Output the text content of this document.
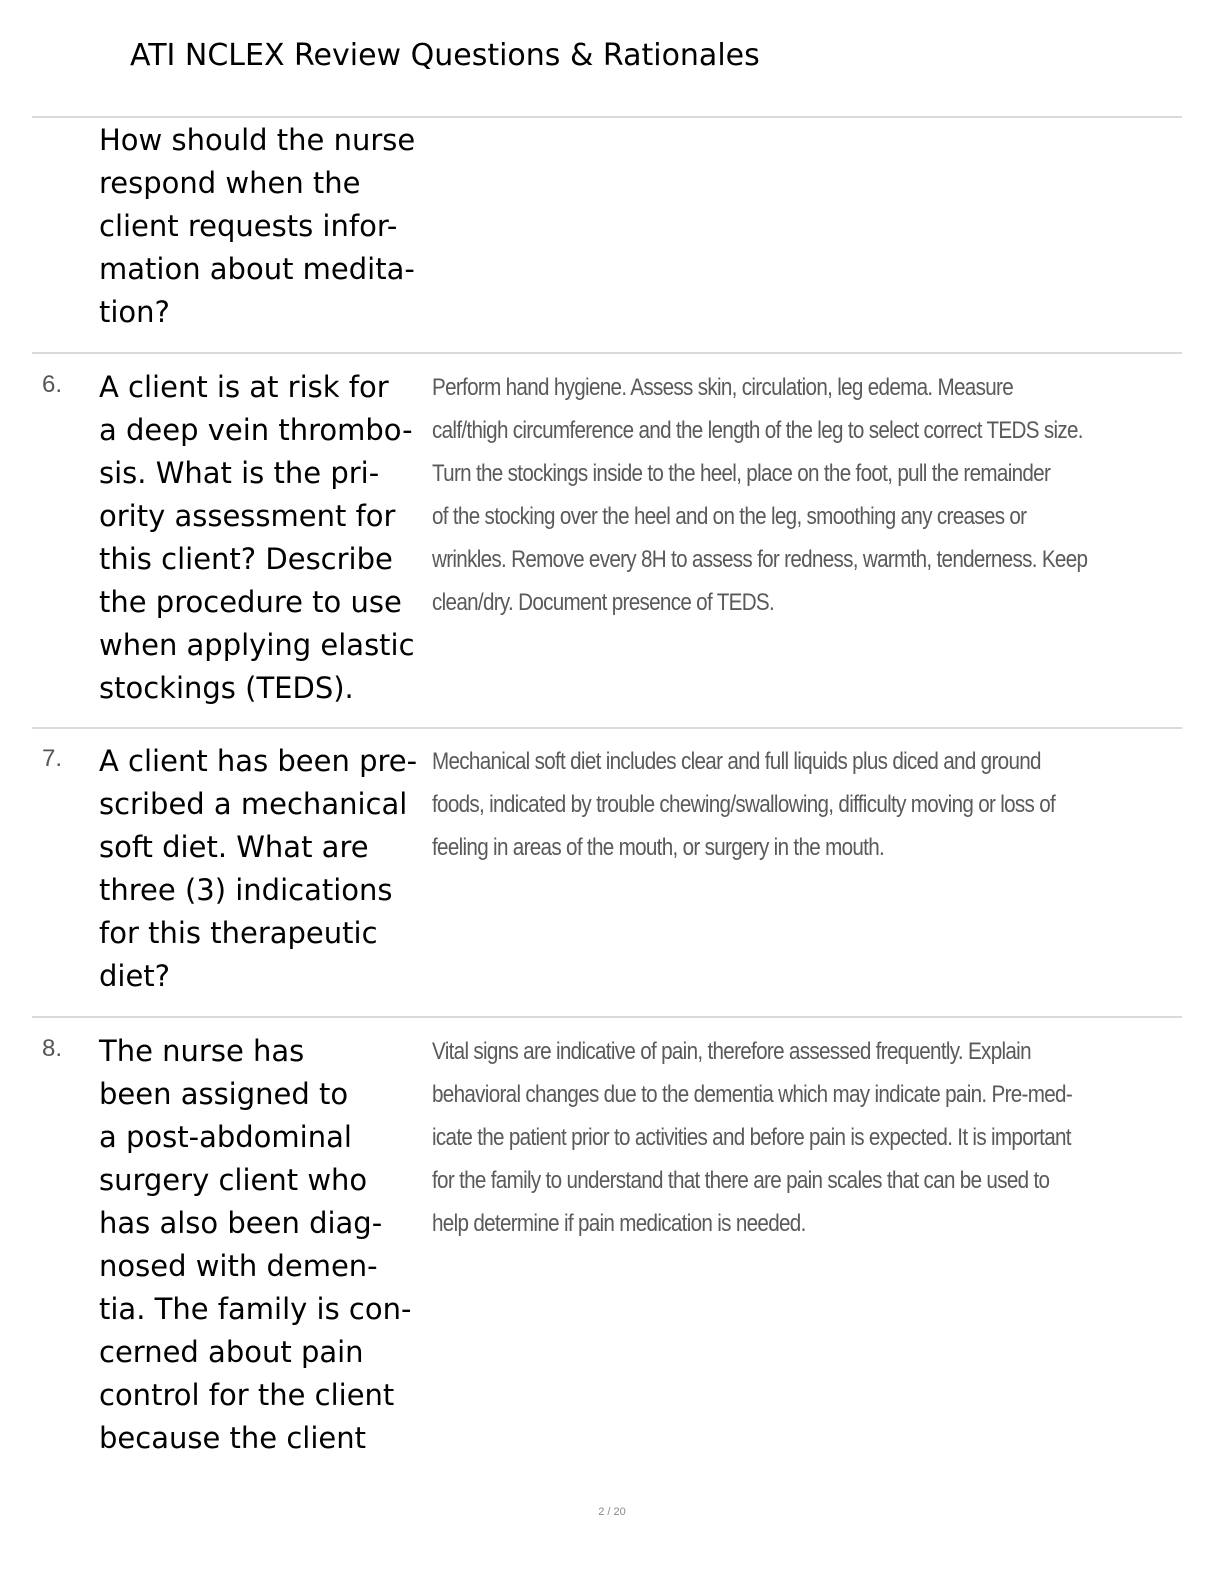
ATI NCLEX Review Questions & Rationales
How should the nurse
respond when the
client requests infor-
mation about medita-
tion?
6. A client is at risk for
a deep vein thrombo-
sis. What is the pri-
ority assessment for
this client? Describe
the procedure to use
when applying elastic
stockings (TEDS).
Perform hand hygiene. Assess skin, circulation, leg edema. Measure
calf/thigh circumference and the length of the leg to select correct TEDS size.
Turn the stockings inside to the heel, place on the foot, pull the remainder
of the stocking over the heel and on the leg, smoothing any creases or
wrinkles. Remove every 8H to assess for redness, warmth, tenderness. Keep
clean/dry. Document presence of TEDS.
7. A client has been pre-
scribed a mechanical
soft diet. What are
three (3) indications
for this therapeutic
diet?
Mechanical soft diet includes clear and full liquids plus diced and ground
foods, indicated by trouble chewing/swallowing, difficulty moving or loss of
feeling in areas of the mouth, or surgery in the mouth.
8. The nurse has
been assigned to
a post-abdominal
surgery client who
has also been diag-
nosed with demen-
tia. The family is con-
cerned about pain
control for the client
because the client
Vital signs are indicative of pain, therefore assessed frequently. Explain
behavioral changes due to the dementia which may indicate pain. Pre-med-
icate the patient prior to activities and before pain is expected. It is important
for the family to understand that there are pain scales that can be used to
help determine if pain medication is needed.
2 / 20
